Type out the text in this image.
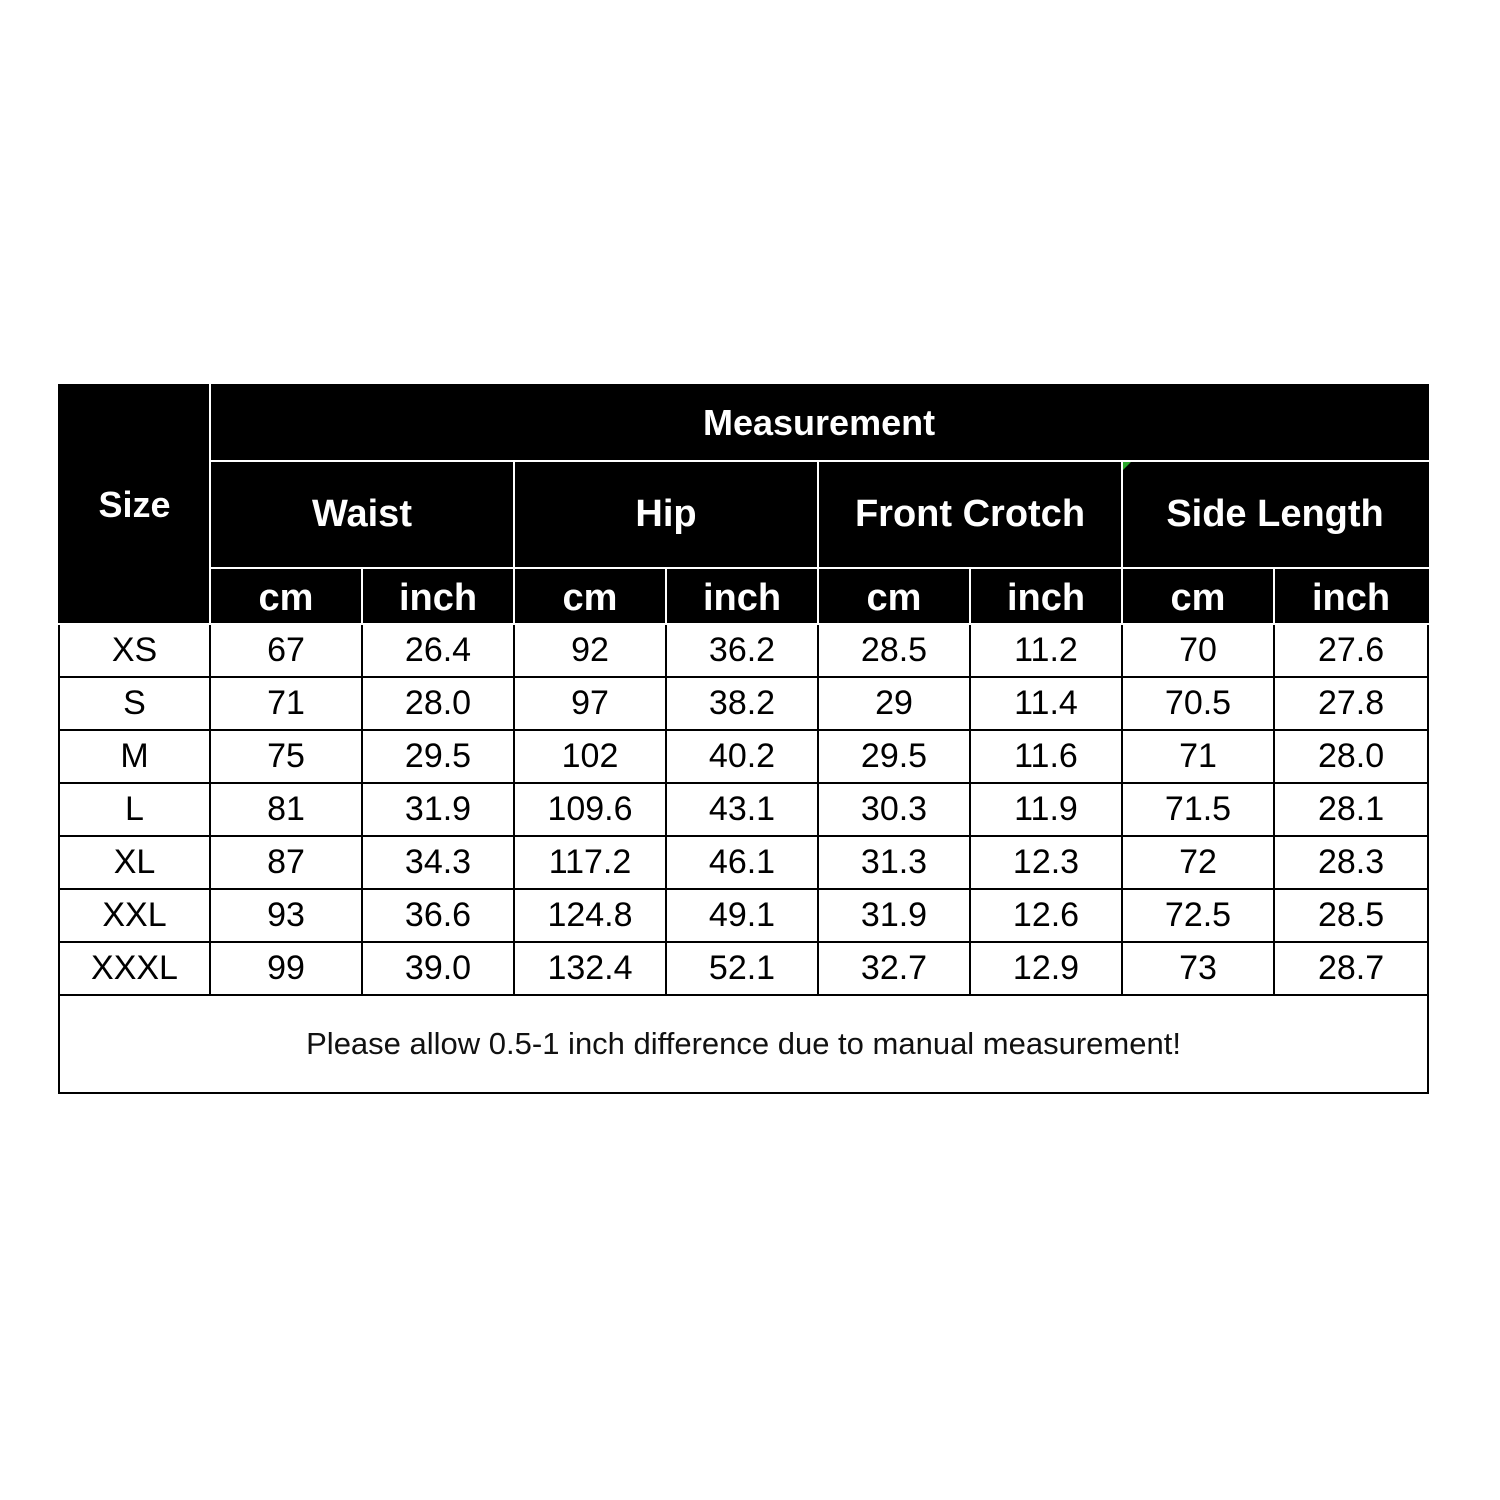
Size	Measurement							
	Waist		Hip		Front Crotch		Side Length	
	cm	inch	cm	inch	cm	inch	cm	inch
XS	67	26.4	92	36.2	28.5	11.2	70	27.6
S	71	28.0	97	38.2	29	11.4	70.5	27.8
M	75	29.5	102	40.2	29.5	11.6	71	28.0
L	81	31.9	109.6	43.1	30.3	11.9	71.5	28.1
XL	87	34.3	117.2	46.1	31.3	12.3	72	28.3
XXL	93	36.6	124.8	49.1	31.9	12.6	72.5	28.5
XXXL	99	39.0	132.4	52.1	32.7	12.9	73	28.7
Please allow 0.5-1 inch difference due to manual measurement!								
